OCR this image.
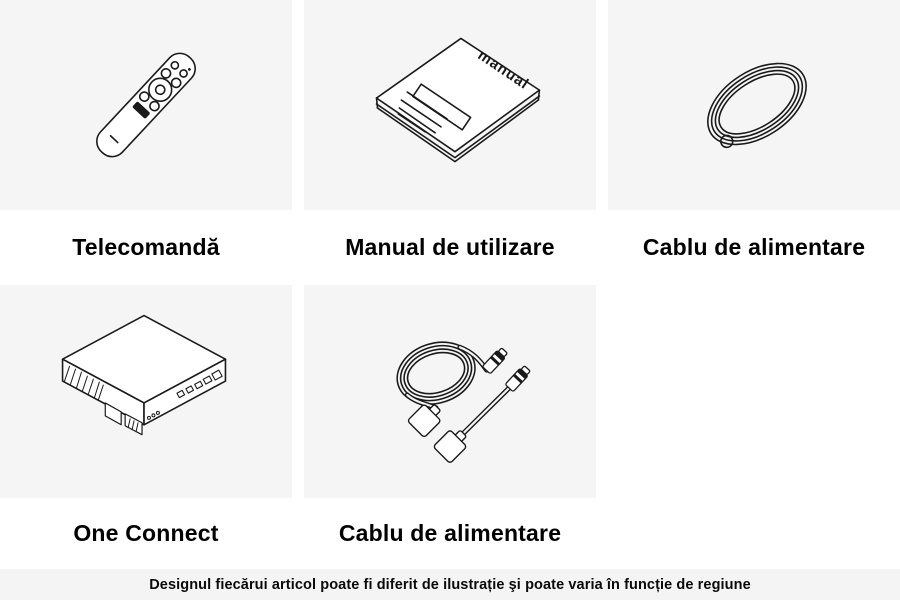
Telecomandă
manual
Manual de utilizare	Cablu de alimentare
One Connect	Cablu de alimentare
Designul fiecărui articol poate fi diferit de ilustrație şi poate varia în funcție de regiune
